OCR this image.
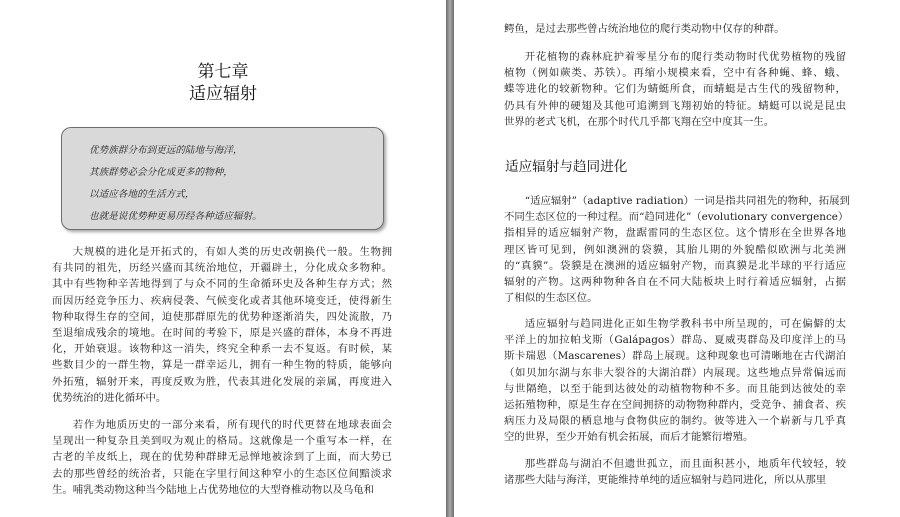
第七章
适应辐射
优势族群分布到更远的陆地与海洋，
其族群势必会分化成更多的物种，
以适应各地的生活方式，
也就是说优势种更易历经各种适应辐射。
大规模的进化是开拓式的，有如人类的历史改朝换代一般。生物拥
有共同的祖先，历经兴盛而其统治地位，开疆辟土，分化成众多物种。
其中有些物种辛苦地得到了与众不同的生命循环史及各种生存方式；然
而因历经竞争压力、疾病侵袭、气候变化或者其他环境变迁，使得新生
物种取得生存的空间，迫使那群原先的优势种逐渐消失，四处流散，乃
至退缩成残余的境地。在时间的考验下，原是兴盛的群体，本身不再进
化，开始衰退。该物种这一消失，终究全种系一去不复返。有时候，某
些数目少的一群生物，算是一群幸运儿，拥有一种生物的特质，能够向
外拓殖，辐射开来，再度反败为胜，代表其进化发展的亲属，再度进入
优势统治的进化循环中。
若作为地质历史的一部分来看，所有现代的时代更替在地球表面会
呈现出一种复杂且美到叹为观止的格局。这就像是一个重写本一样，在
古老的羊皮纸上，现在的优势种群肆无忌惮地被涂到了上面，而大势已
去的那些曾经的统治者，只能在字里行间这种窄小的生态区位间黯淡求
生。哺乳类动物这种当今陆地上占优势地位的大型脊椎动物以及乌龟和
鳄鱼，是过去那些曾占统治地位的爬行类动物中仅存的种群。
开花植物的森林庇护着零星分布的爬行类动物时代优势植物的残留
植物（例如蕨类、苏铁）。再缩小规模来看，空中有各种蝇、蜂、蛾、
蝶等进化的较新物种。它们为蜻蜓所食，而蜻蜓是古生代的残留物种，
仍具有外伸的硬翅及其他可追溯到飞翔初始的特征。蜻蜓可以说是昆虫
世界的老式飞机，在那个时代几乎都飞翔在空中度其一生。
“适应辐射”（adaptive radiation）一词是指共同祖先的物种，拓展到
不同生态区位的一种过程。而“趋同进化”（evolutionary convergence）
指相异的适应辐射产物，盘踞雷同的生态区位。这个情形在全世界各地
理区皆可见到，例如澳洲的袋貘，其胎儿期的外貌酷似欧洲与北美洲
的“真貘”。袋貘是在澳洲的适应辐射产物，而真貘是北半球的平行适应
辐射的产物。这两种物种各自在不同大陆板块上时行着适应辐射，占据
了相似的生态区位。
适应辐射与趋同进化正如生物学教科书中所呈现的，可在偏僻的太
平洋上的加拉帕戈斯（Galápagos）群岛、夏威夷群岛及印度洋上的马
斯卡瑞恩（Mascarenes）群岛上展现。这种现象也可清晰地在古代湖泊
（如贝加尔湖与东非大裂谷的大湖泊群）内展现。这些地点异常偏远而
与世隔绝，以至于能到达彼处的动植物物种不多。而且能到达彼处的幸
运拓殖物种，原是生存在空间拥挤的动物物种群内，受竞争、捕食者、疾
病压力及局限的栖息地与食物供应的制约。彼等进入一个崭新与几乎真
空的世界，至少开始有机会拓展，而后才能繁衍增殖。
那些群岛与湖泊不但遗世孤立，而且面积甚小，地质年代较轻，较
诸那些大陆与海洋，更能维持单纯的适应辐射与趋同进化，所以从那里
适应辐射与趋同进化
